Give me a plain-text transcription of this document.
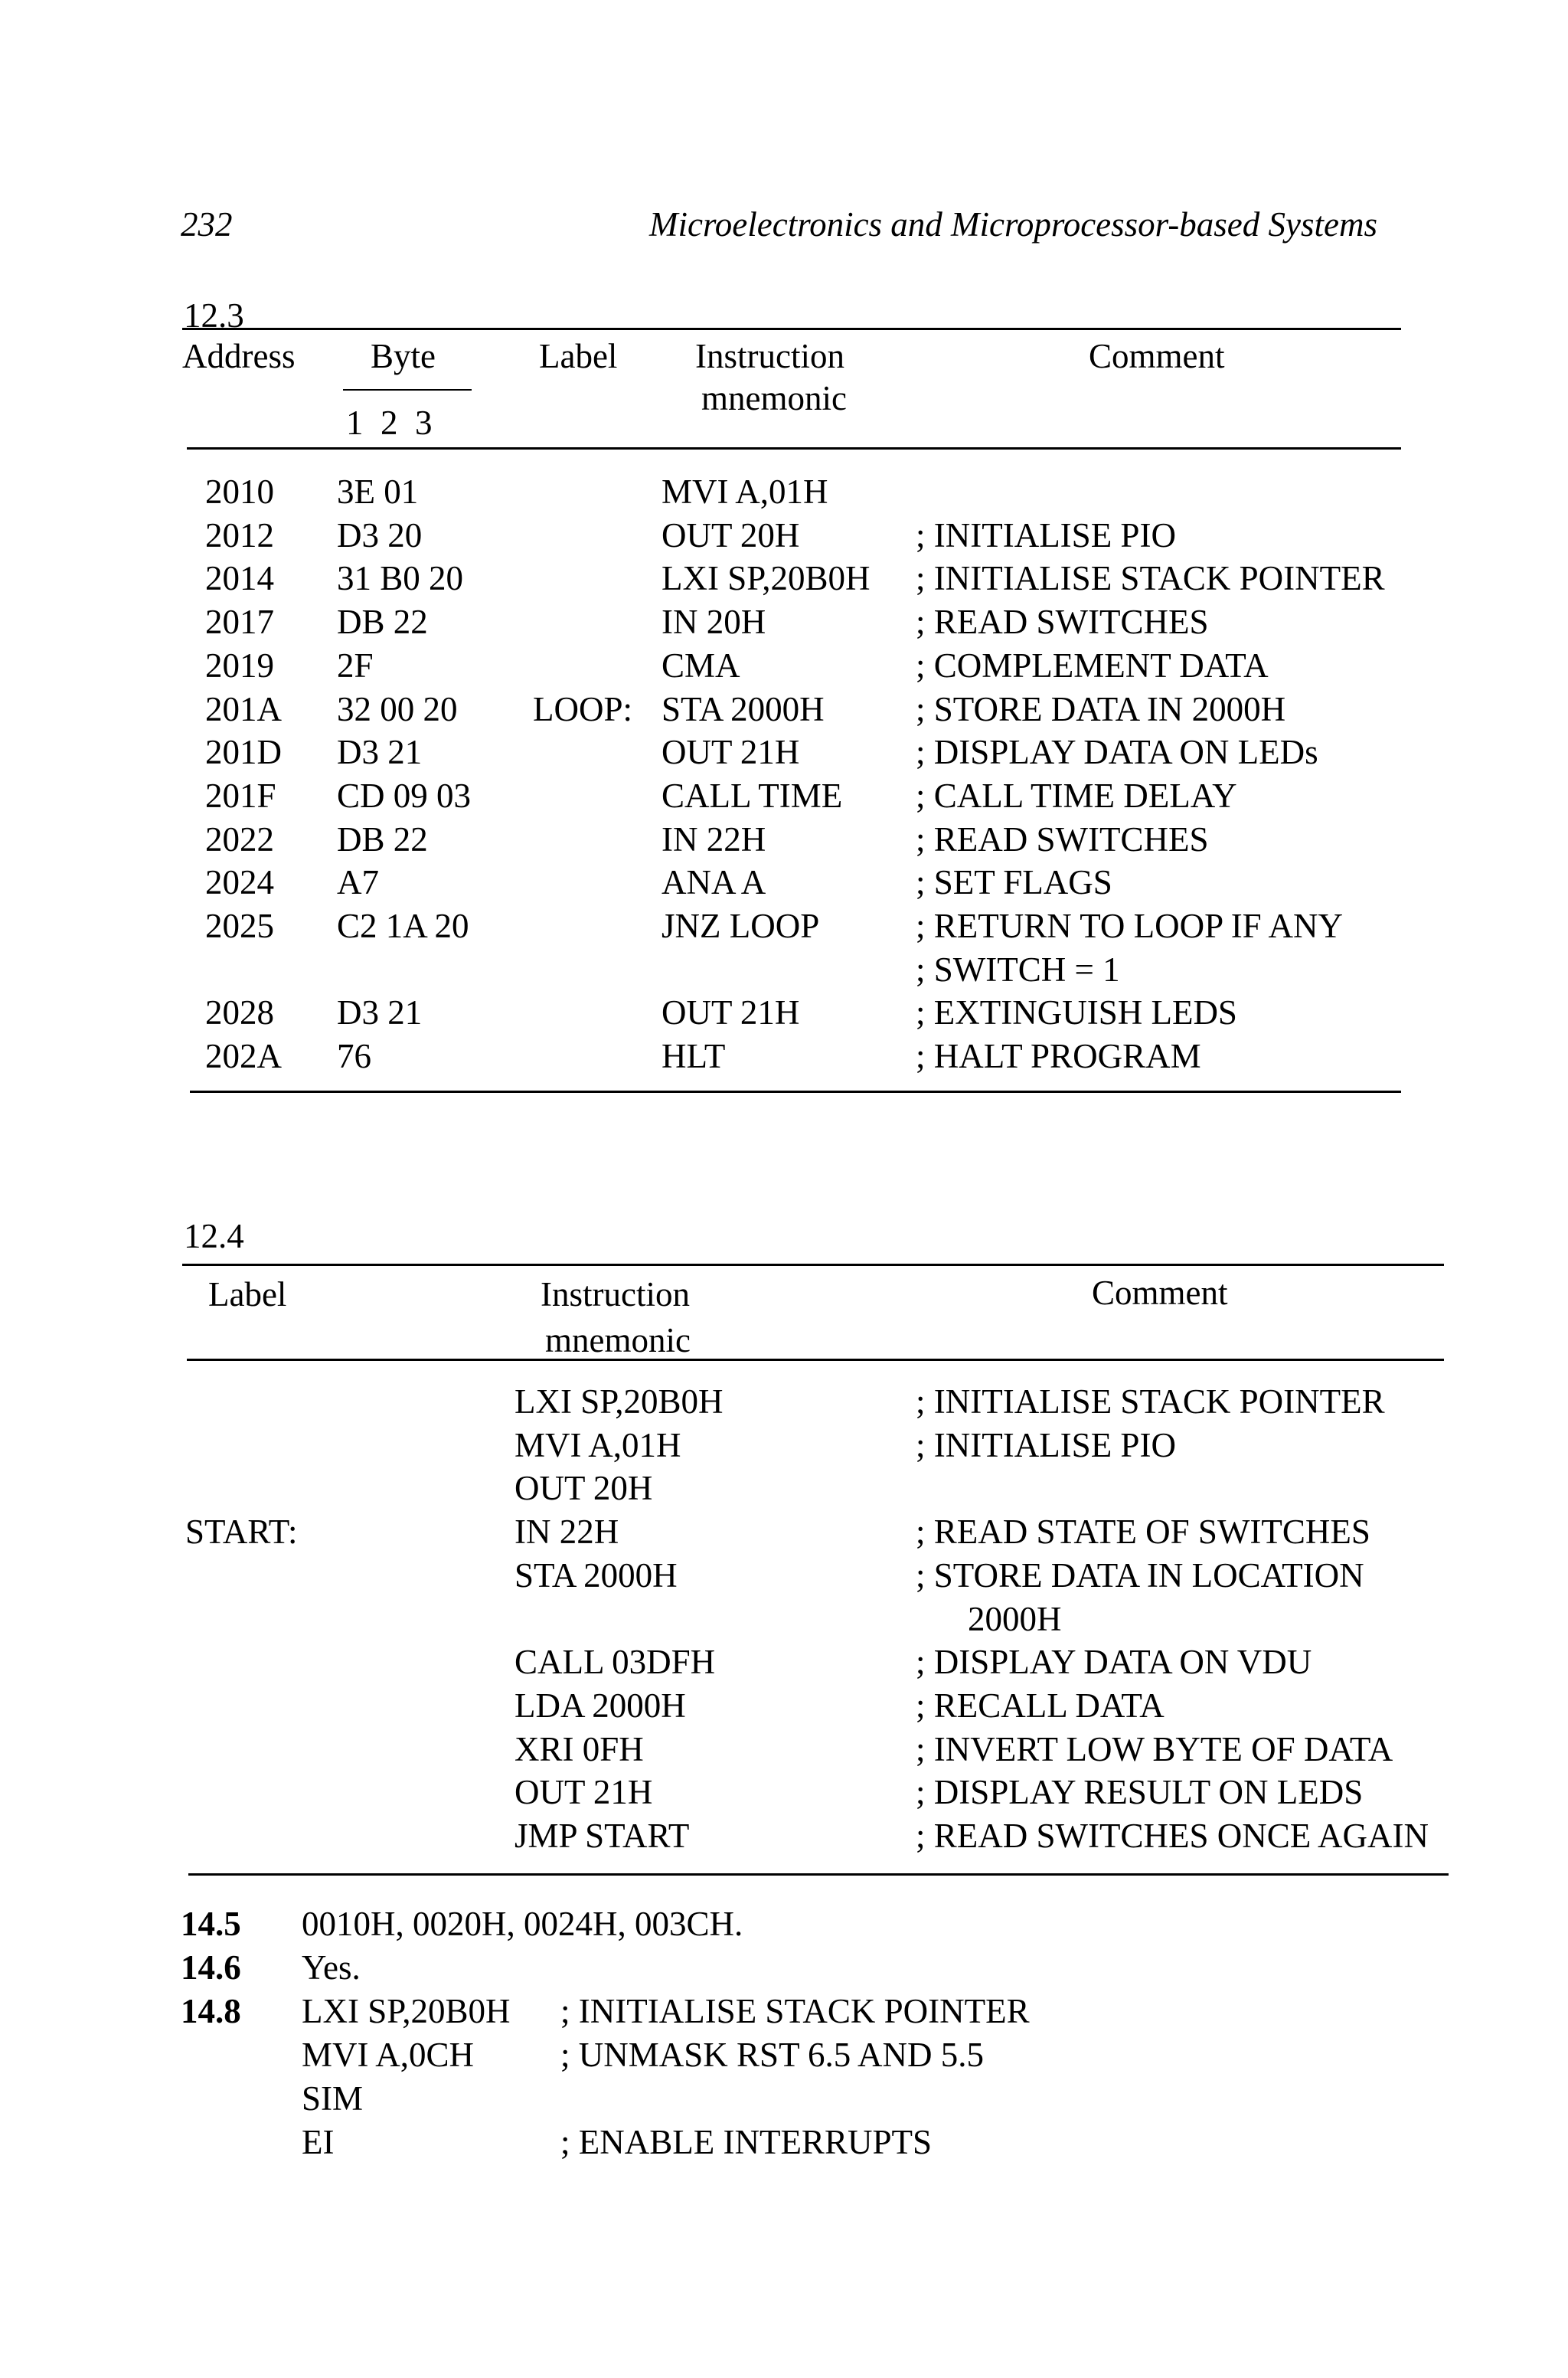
232	Microelectronics and Microprocessor-based Systems
12.3
Address Byte
1  2  3
Label Instruction
mnemonic
Comment
2010 3E 01	MVI A,01H
2012 D3 20	OUT 20H	; INITIALISE PIO
2014 31 B0 20	LXI SP,20B0H ; INITIALISE STACK POINTER
2017 DB 22	IN 20H	; READ SWITCHES
2019 2F	CMA	; COMPLEMENT DATA
201A 32 00 20 LOOP: STA 2000H	; STORE DATA IN 2000H
201D D3 21	OUT 21H	; DISPLAY DATA ON LEDs
201F CD 09 03	CALL TIME ; CALL TIME DELAY
2022 DB 22	IN 22H	; READ SWITCHES
2024 A7	ANA A	; SET FLAGS
2025 C2 1A 20	JNZ LOOP	; RETURN TO LOOP IF ANY
; SWITCH = 1
2028 D3 21	OUT 21H	; EXTINGUISH LEDS
202A 76	HLT	; HALT PROGRAM
12.4
Label	Instruction
mnemonic
Comment
LXI SP,20B0H	; INITIALISE STACK POINTER
MVI A,01H	; INITIALISE PIO
OUT 20H
START:	IN 22H	; READ STATE OF SWITCHES
STA 2000H	; STORE DATA IN LOCATION
2000H
CALL 03DFH	; DISPLAY DATA ON VDU
LDA 2000H	; RECALL DATA
XRI 0FH	; INVERT LOW BYTE OF DATA
OUT 21H	; DISPLAY RESULT ON LEDS
JMP START	; READ SWITCHES ONCE AGAIN
14.5 0010H, 0020H, 0024H, 003CH.
14.6 Yes.
14.8 LXI SP,20B0H ; INITIALISE STACK POINTER
MVI A,0CH	; UNMASK RST 6.5 AND 5.5
SIM
EI	; ENABLE INTERRUPTS
